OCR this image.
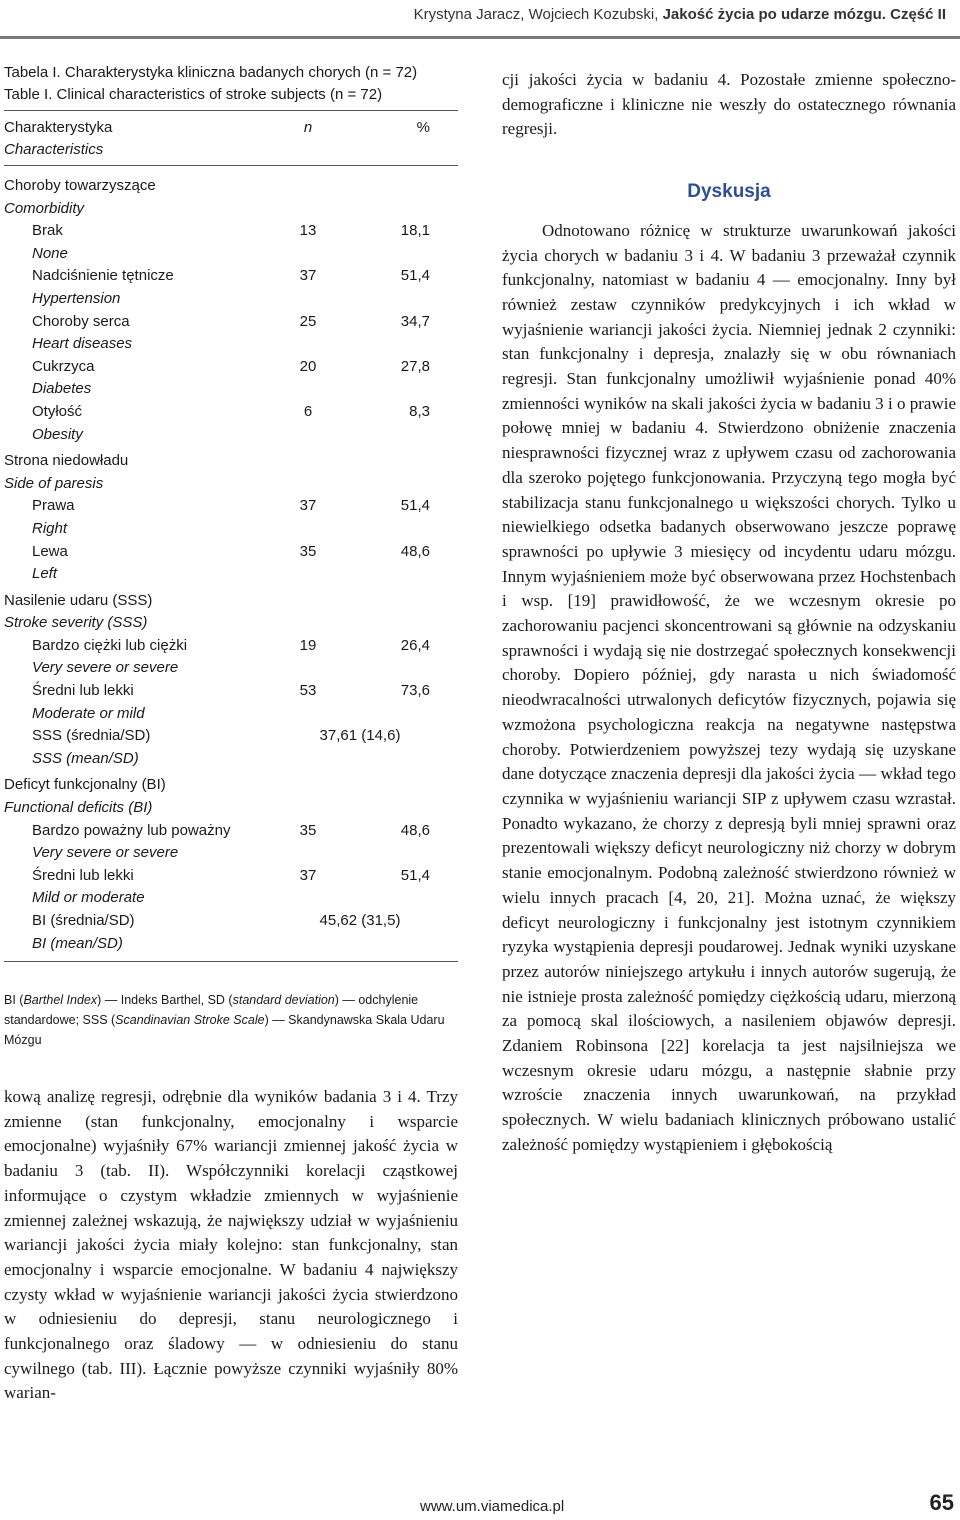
Krystyna Jaracz, Wojciech Kozubski, Jakość życia po udarze mózgu. Część II
Tabela I. Charakterystyka kliniczna badanych chorych (n = 72)
Table I. Clinical characteristics of stroke subjects (n = 72)
Charakterystyka	n	%
Characteristics
Choroby towarzyszące
Comorbidity
Brak	13	18,1
None
Nadciśnienie tętnicze	37	51,4
Hypertension
Choroby serca	25	34,7
Heart diseases
Cukrzyca	20	27,8
Diabetes
Otyłość	6	8,3
Obesity
Strona niedowładu
Side of paresis
Prawa	37	51,4
Right
Lewa	35	48,6
Left
Nasilenie udaru (SSS)
Stroke severity (SSS)
Bardzo ciężki lub ciężki	19	26,4
Very severe or severe
Średni lub lekki	53	73,6
Moderate or mild
SSS (średnia/SD)	37,61 (14,6)
SSS (mean/SD)
Deficyt funkcjonalny (BI)
Functional deficits (BI)
Bardzo poważny lub poważny	35	48,6
Very severe or severe
Średni lub lekki	37	51,4
Mild or moderate
BI (średnia/SD)	45,62 (31,5)
BI (mean/SD)
BI (Barthel Index) — Indeks Barthel, SD (standard deviation) — odchylenie standardowe; SSS (Scandinavian Stroke Scale) — Skandynawska Skala Udaru Mózgu

kową analizę regresji, odrębnie dla wyników badania 3 i 4. Trzy zmienne (stan funkcjonalny, emocjonalny i wsparcie emocjonalne) wyjaśniły 67% wariancji zmiennej jakość życia w badaniu 3 (tab. II). Współczynniki korelacji cząstkowej informujące o czystym wkładzie zmiennych w wyjaśnienie zmiennej zależnej wskazują, że największy udział w wyjaśnieniu wariancji jakości życia miały kolejno: stan funkcjonalny, stan emocjonalny i wsparcie emocjonalne. W badaniu 4 największy czysty wkład w wyjaśnienie wariancji jakości życia stwierdzono w odniesieniu do depresji, stanu neurologicznego i funkcjonalnego oraz śladowy — w odniesieniu do stanu cywilnego (tab. III). Łącznie powyższe czynniki wyjaśniły 80% warian-

cji jakości życia w badaniu 4. Pozostałe zmienne społeczno-demograficzne i kliniczne nie weszły do ostatecznego równania regresji.

Dyskusja

Odnotowano różnicę w strukturze uwarunkowań jakości życia chorych w badaniu 3 i 4. W badaniu 3 przeważał czynnik funkcjonalny, natomiast w badaniu 4 — emocjonalny. Inny był również zestaw czynników predykcyjnych i ich wkład w wyjaśnienie wariancji jakości życia. Niemniej jednak 2 czynniki: stan funkcjonalny i depresja, znalazły się w obu równaniach regresji. Stan funkcjonalny umożliwił wyjaśnienie ponad 40% zmienności wyników na skali jakości życia w badaniu 3 i o prawie połowę mniej w badaniu 4. Stwierdzono obniżenie znaczenia niesprawności fizycznej wraz z upływem czasu od zachorowania dla szeroko pojętego funkcjonowania. Przyczyną tego mogła być stabilizacja stanu funkcjonalnego u większości chorych. Tylko u niewielkiego odsetka badanych obserwowano jeszcze poprawę sprawności po upływie 3 miesięcy od incydentu udaru mózgu. Innym wyjaśnieniem może być obserwowana przez Hochstenbach i wsp. [19] prawidłowość, że we wczesnym okresie po zachorowaniu pacjenci skoncentrowani są głównie na odzyskaniu sprawności i wydają się nie dostrzegać społecznych konsekwencji choroby. Dopiero później, gdy narasta u nich świadomość nieodwracalności utrwalonych deficytów fizycznych, pojawia się wzmożona psychologiczna reakcja na negatywne następstwa choroby. Potwierdzeniem powyższej tezy wydają się uzyskane dane dotyczące znaczenia depresji dla jakości życia — wkład tego czynnika w wyjaśnieniu wariancji SIP z upływem czasu wzrastał. Ponadto wykazano, że chorzy z depresją byli mniej sprawni oraz prezentowali większy deficyt neurologiczny niż chorzy w dobrym stanie emocjonalnym. Podobną zależność stwierdzono również w wielu innych pracach [4, 20, 21]. Można uznać, że większy deficyt neurologiczny i funkcjonalny jest istotnym czynnikiem ryzyka wystąpienia depresji poudarowej. Jednak wyniki uzyskane przez autorów niniejszego artykułu i innych autorów sugerują, że nie istnieje prosta zależność pomiędzy ciężkością udaru, mierzoną za pomocą skal ilościowych, a nasileniem objawów depresji. Zdaniem Robinsona [22] korelacja ta jest najsilniejsza we wczesnym okresie udaru mózgu, a następnie słabnie przy wzroście znaczenia innych uwarunkowań, na przykład społecznych. W wielu badaniach klinicznych próbowano ustalić zależność pomiędzy wystąpieniem i głębokością

www.um.viamedica.pl	65
